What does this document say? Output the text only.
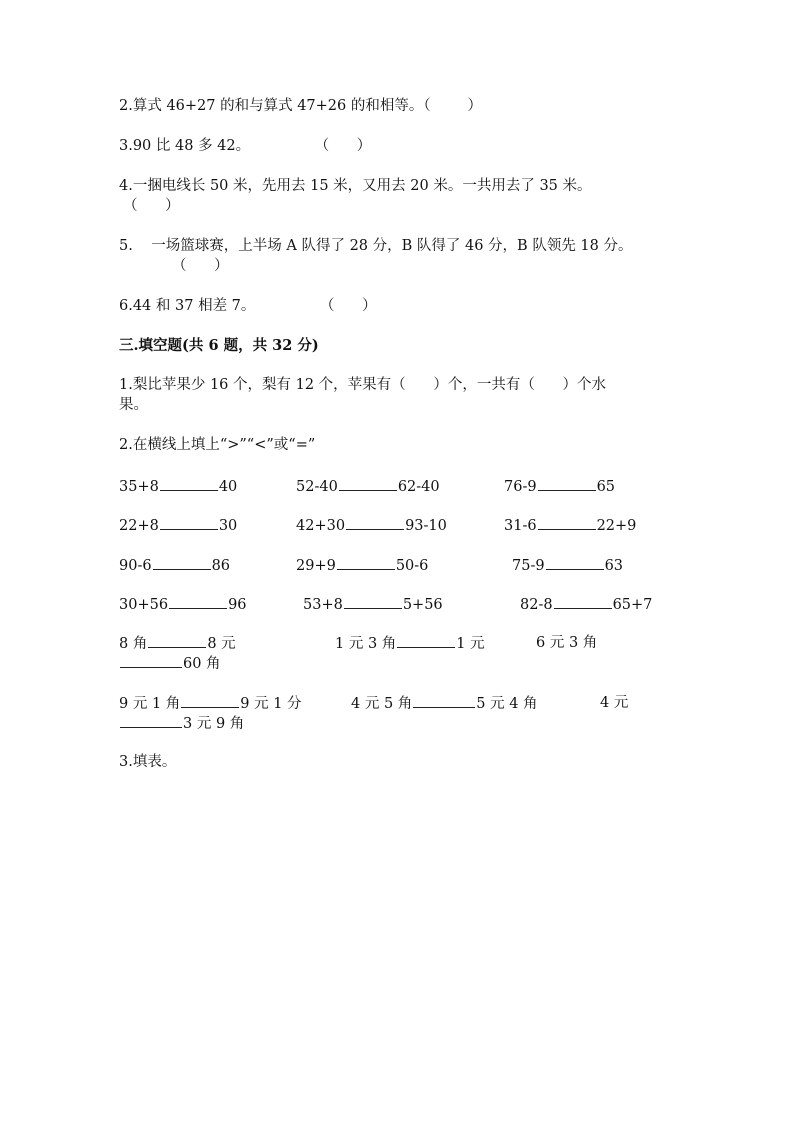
2.算式 46+27 的和与算式 47+26 的和相等。（        ）
3.90 比 48 多 42。              （      ）
4.一捆电线长 50 米，先用去 15 米，又用去 20 米。一共用去了 35 米。
（      ）
5.    一场篮球赛，上半场 A 队得了 28 分，B 队得了 46 分，B 队领先 18 分。
（      ）
6.44 和 37 相差 7。              （      ）
三.填空题(共 6 题，共 32 分)
1.梨比苹果少 16 个，梨有 12 个，苹果有（      ）个，一共有（      ）个水
果。
2.在横线上填上“>”“<”或“=”
35+8	40	52-40	62-40	76-9	65
22+8	30	42+30	93-10	31-6	22+9
90-6	86	29+9	50-6	75-9	63
30+56	96	53+8	5+56	82-8	65+7
8 角	8 元	1 元 3 角	1 元	6 元 3 角
60 角
9 元 1 角	9 元 1 分	4 元 5 角	5 元 4 角	4 元
3 元 9 角
3.填表。
